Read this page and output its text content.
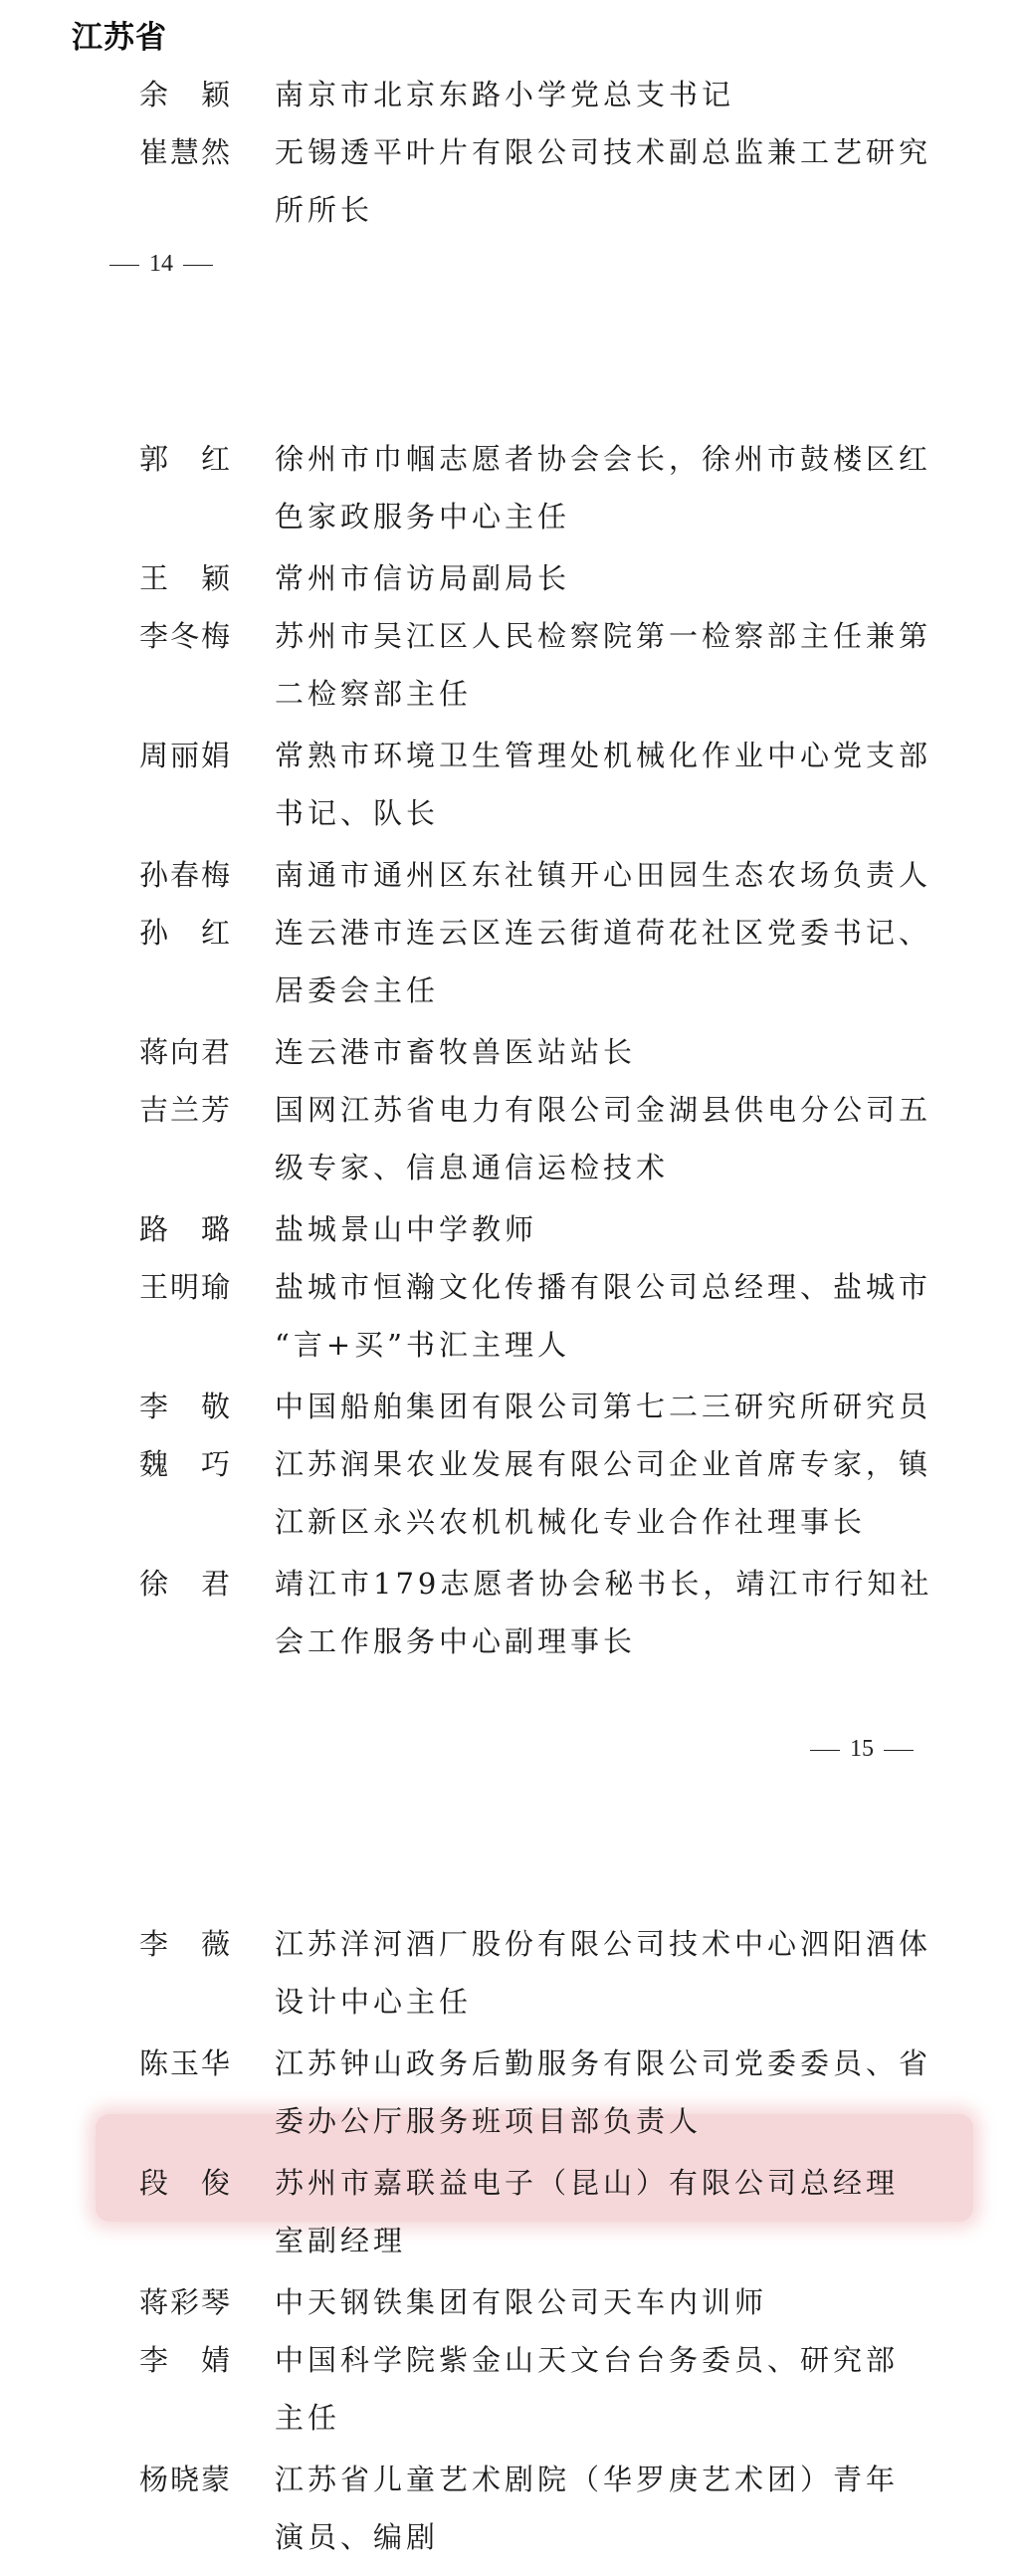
江苏省
余　颖 南京市北京东路小学党总支书记
崔慧然 无锡透平叶片有限公司技术副总监兼工艺研究
所所长
14
郭　红 徐州市巾帼志愿者协会会长，徐州市鼓楼区红
色家政服务中心主任
王　颖 常州市信访局副局长
李冬梅 苏州市吴江区人民检察院第一检察部主任兼第
二检察部主任
周丽娟 常熟市环境卫生管理处机械化作业中心党支部
书记、队长
孙春梅 南通市通州区东社镇开心田园生态农场负责人
孙　红 连云港市连云区连云街道荷花社区党委书记、
居委会主任
蒋向君 连云港市畜牧兽医站站长
吉兰芳 国网江苏省电力有限公司金湖县供电分公司五
级专家、信息通信运检技术
路　璐 盐城景山中学教师
王明瑜 盐城市恒瀚文化传播有限公司总经理、盐城市
“言+买”书汇主理人
李　敬 中国船舶集团有限公司第七二三研究所研究员
魏　巧 江苏润果农业发展有限公司企业首席专家，镇
江新区永兴农机机械化专业合作社理事长
徐　君 靖江市179志愿者协会秘书长，靖江市行知社
会工作服务中心副理事长
15
李　薇 江苏洋河酒厂股份有限公司技术中心泗阳酒体
设计中心主任
陈玉华 江苏钟山政务后勤服务有限公司党委委员、省
委办公厅服务班项目部负责人
段　俊 苏州市嘉联益电子（昆山）有限公司总经理
室副经理
蒋彩琴 中天钢铁集团有限公司天车内训师
李　婧 中国科学院紫金山天文台台务委员、研究部
主任
杨晓蒙 江苏省儿童艺术剧院（华罗庚艺术团）青年
演员、编剧
